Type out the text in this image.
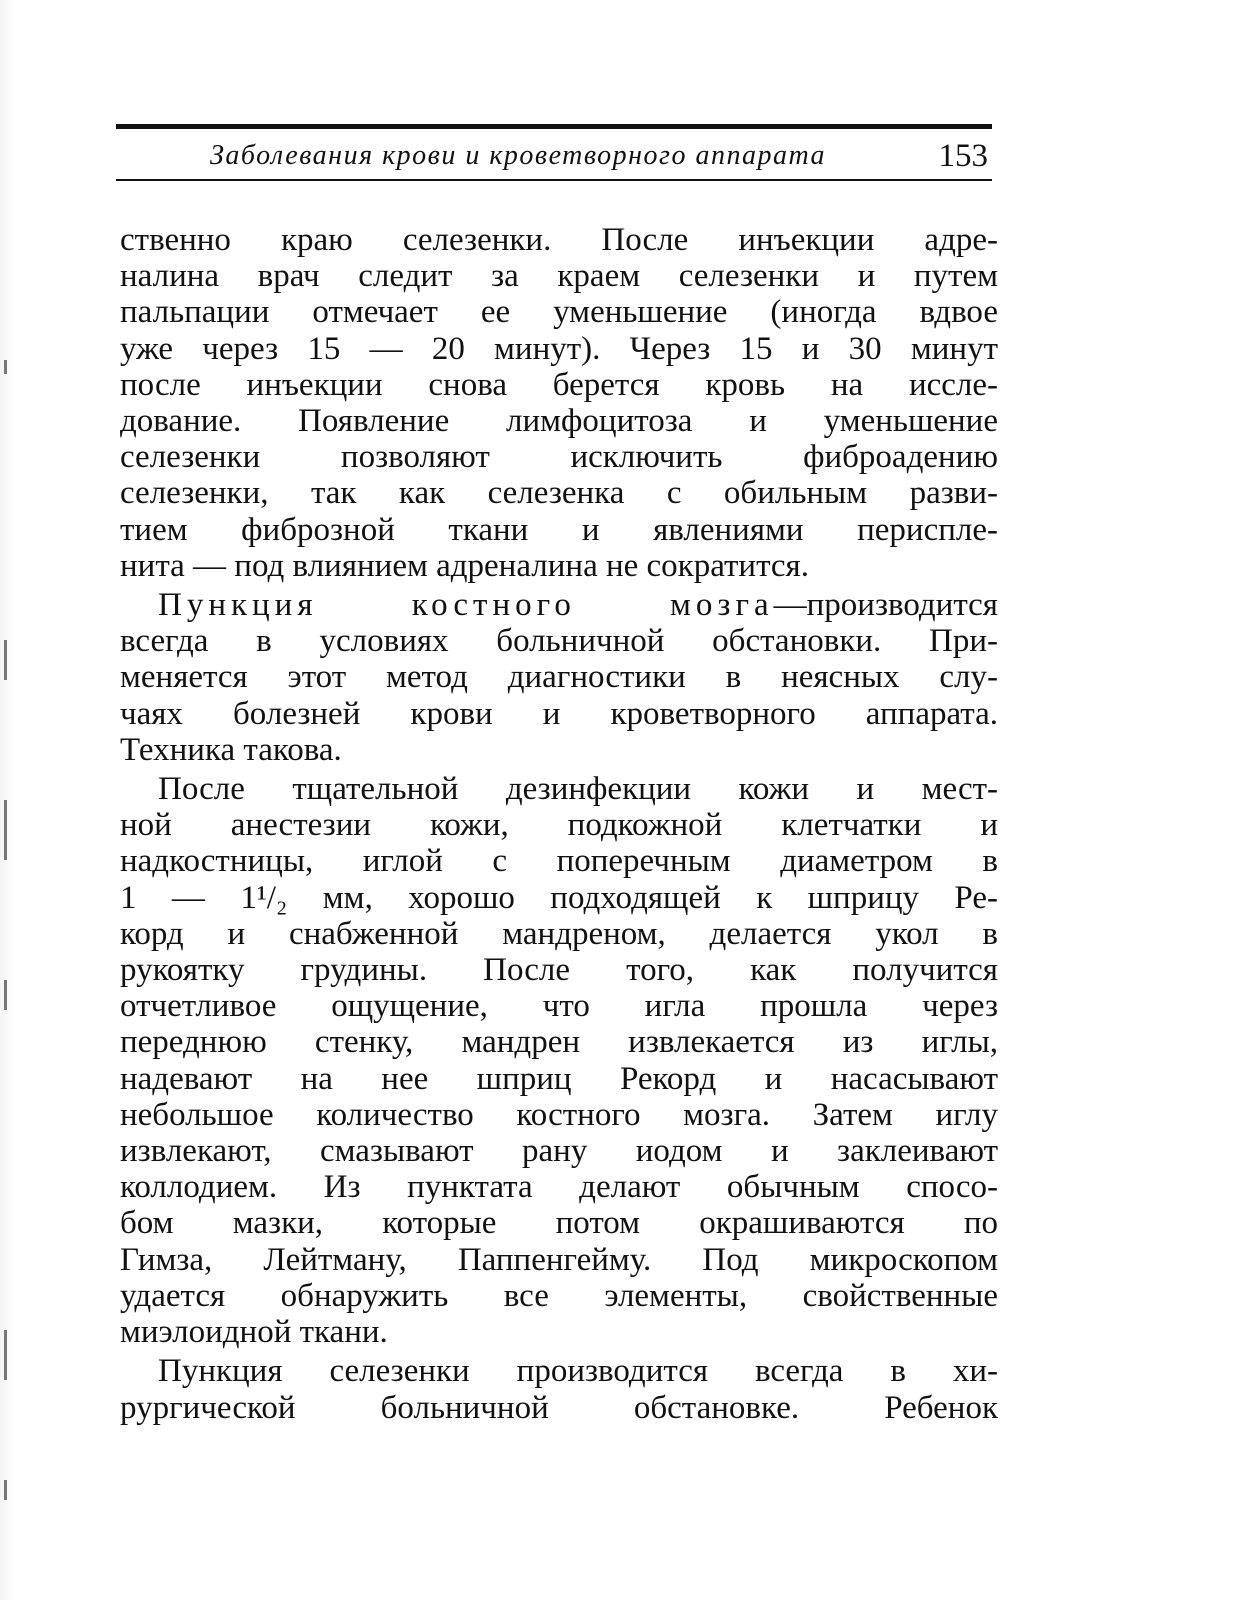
Заболевания крови и кроветворного аппарата	153
ственно краю селезенки. После инъекции адре-
налина врач следит за краем селезенки и путем
пальпации отмечает ее уменьшение (иногда вдвое
уже через 15 — 20 минут). Через 15 и 30 минут
после инъекции снова берется кровь на иссле-
дование. Появление лимфоцитоза и уменьшение
селезенки позволяют исключить фиброадению
селезенки, так как селезенка с обильным разви-
тием фиброзной ткани и явлениями периспле-
нита — под влиянием адреналина не сократится.
Пункция костного мозга—производится
всегда в условиях больничной обстановки. При-
меняется этот метод диагностики в неясных слу-
чаях болезней крови и кроветворного аппарата.
Техника такова.
После тщательной дезинфекции кожи и мест-
ной анестезии кожи, подкожной клетчатки и
надкостницы, иглой с поперечным диаметром в
1 — 1¹/₂ мм, хорошо подходящей к шприцу Ре-
корд и снабженной мандреном, делается укол в
рукоятку грудины. После того, как получится
отчетливое ощущение, что игла прошла через
переднюю стенку, мандрен извлекается из иглы,
надевают на нее шприц Рекорд и насасывают
небольшое количество костного мозга. Затем иглу
извлекают, смазывают рану иодом и заклеивают
коллодием. Из пунктата делают обычным спосо-
бом мазки, которые потом окрашиваются по
Гимза, Лейтману, Паппенгейму. Под микроскопом
удается обнаружить все элементы, свойственные
миэлоидной ткани.
Пункция селезенки производится всегда в хи-
рургической больничной обстановке. Ребенок
